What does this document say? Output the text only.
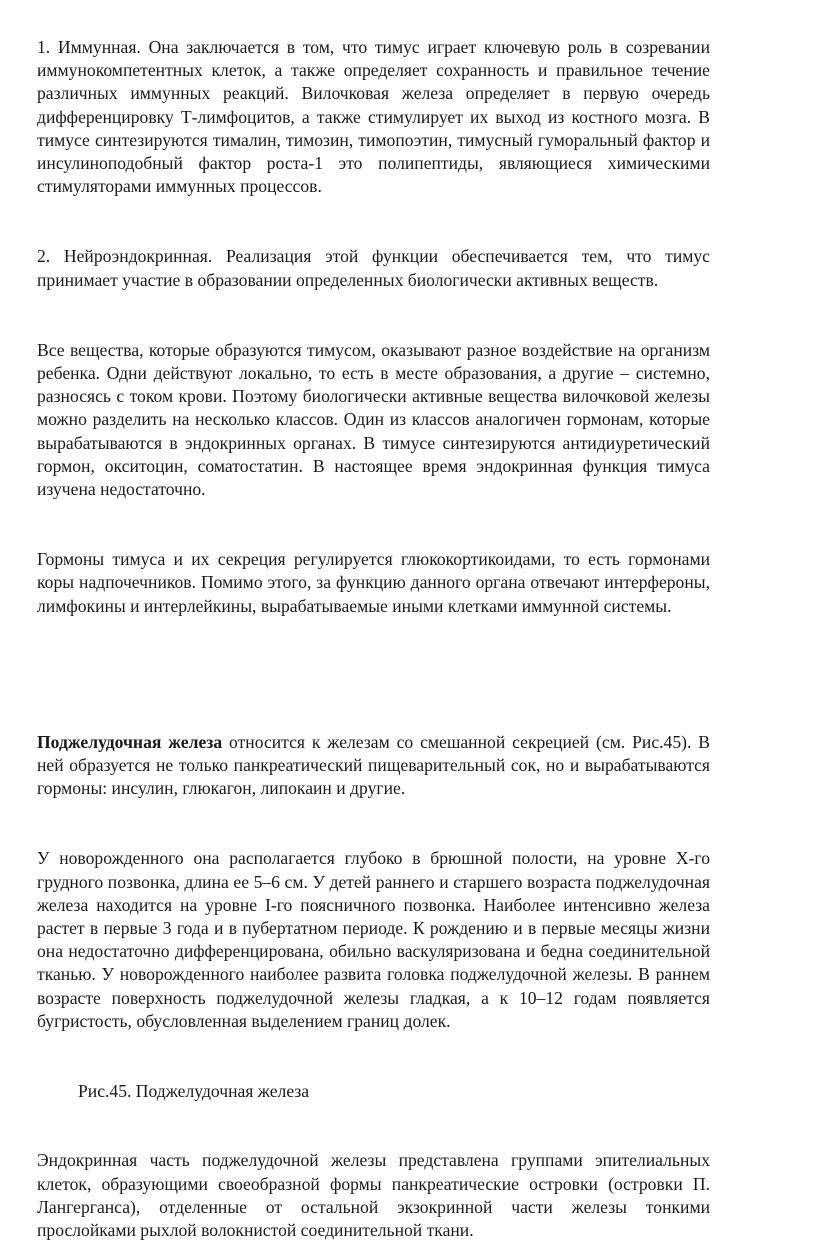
1. Иммунная. Она заключается в том, что тимус играет ключевую роль в созревании иммунокомпетентных клеток, а также определяет сохранность и правильное течение различных иммунных реакций. Вилочковая железа определяет в первую очередь дифференцировку Т-лимфоцитов, а также стимулирует их выход из костного мозга. В тимусе синтезируются тималин, тимозин, тимопоэтин, тимусный гуморальный фактор и инсулиноподобный фактор роста-1 это полипептиды, являющиеся химическими стимуляторами иммунных процессов.

2. Нейроэндокринная. Реализация этой функции обеспечивается тем, что тимус принимает участие в образовании определенных биологически активных веществ.

Все вещества, которые образуются тимусом, оказывают разное воздействие на организм ребенка. Одни действуют локально, то есть в месте образования, а другие – системно, разносясь с током крови. Поэтому биологически активные вещества вилочковой железы можно разделить на несколько классов. Один из классов аналогичен гормонам, которые вырабатываются в эндокринных органах. В тимусе синтезируются антидиуретический гормон, окситоцин, соматостатин. В настоящее время эндокринная функция тимуса изучена недостаточно.

Гормоны тимуса и их секреция регулируется глюкокортикоидами, то есть гормонами коры надпочечников. Помимо этого, за функцию данного органа отвечают интерфероны, лимфокины и интерлейкины, вырабатываемые иными клетками иммунной системы.

Поджелудочная железа относится к железам со смешанной секрецией (см. Рис.45). В ней образуется не только панкреатический пищеварительный сок, но и вырабатываются гормоны: инсулин, глюкагон, липокаин и другие.

У новорожденного она располагается глубоко в брюшной полости, на уровне X-го грудного позвонка, длина ее 5–6 см. У детей раннего и старшего возраста поджелудочная железа находится на уровне I-го поясничного позвонка. Наиболее интенсивно железа растет в первые 3 года и в пубертатном периоде. К рождению и в первые месяцы жизни она недостаточно дифференцирована, обильно васкуляризована и бедна соединительной тканью. У новорожденного наиболее развита головка поджелудочной железы. В раннем возрасте поверхность поджелудочной железы гладкая, а к 10–12 годам появляется бугристость, обусловленная выделением границ долек.

Рис.45. Поджелудочная железа

Эндокринная часть поджелудочной железы представлена группами эпителиальных клеток, образующими своеобразной формы панкреатические островки (островки П. Лангерганса), отделенные от остальной экзокринной части железы тонкими прослойками рыхлой волокнистой соединительной ткани.
